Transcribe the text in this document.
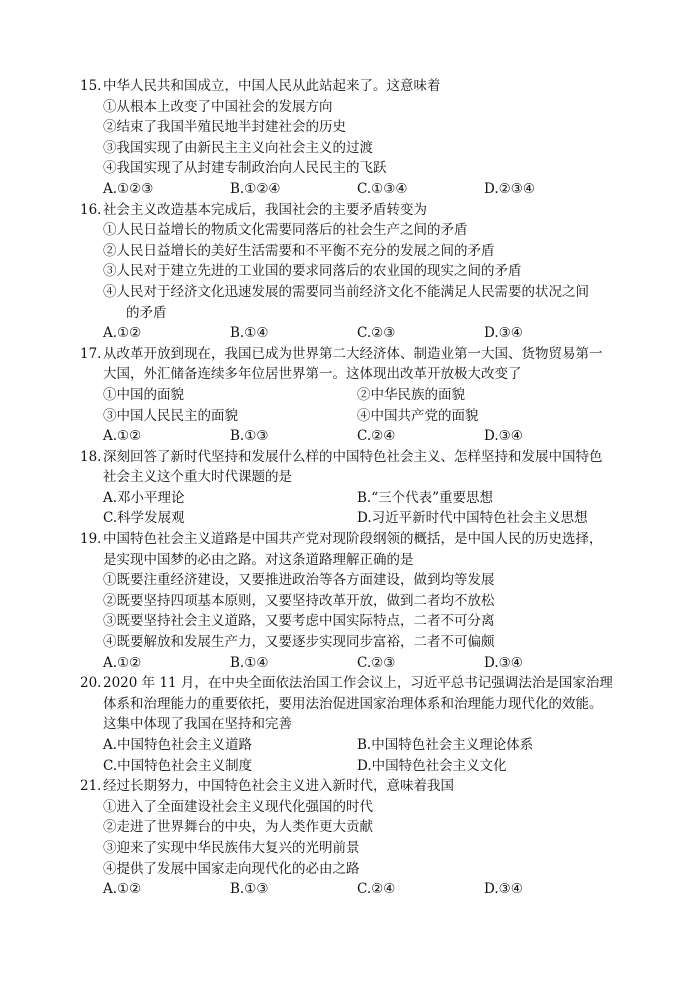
15．
中华人民共和国成立，中国人民从此站起来了。这意味着
①从根本上改变了中国社会的发展方向
②结束了我国半殖民地半封建社会的历史
③我国实现了由新民主主义向社会主义的过渡
④我国实现了从封建专制政治向人民民主的飞跃
A.①②③	B.①②④	C.①③④	D.②③④
16．
社会主义改造基本完成后，我国社会的主要矛盾转变为
①人民日益增长的物质文化需要同落后的社会生产之间的矛盾
②人民日益增长的美好生活需要和不平衡不充分的发展之间的矛盾
③人民对于建立先进的工业国的要求同落后的农业国的现实之间的矛盾
④人民对于经济文化迅速发展的需要同当前经济文化不能满足人民需要的状况之间
的矛盾
A.①②	B.①④	C.②③	D.③④
17．
从改革开放到现在，我国已成为世界第二大经济体、制造业第一大国、货物贸易第一
大国，外汇储备连续多年位居世界第一。这体现出改革开放极大改变了
①中国的面貌	②中华民族的面貌
③中国人民民主的面貌	④中国共产党的面貌
A.①②	B.①③	C.②④	D.③④
18．
深刻回答了新时代坚持和发展什么样的中国特色社会主义、怎样坚持和发展中国特色
社会主义这个重大时代课题的是
A.邓小平理论	B.“三个代表”重要思想
C.科学发展观	D.习近平新时代中国特色社会主义思想
19．
中国特色社会主义道路是中国共产党对现阶段纲领的概括，是中国人民的历史选择，
是实现中国梦的必由之路。对这条道路理解正确的是
①既要注重经济建设，又要推进政治等各方面建设，做到均等发展
②既要坚持四项基本原则，又要坚持改革开放，做到二者均不放松
③既要坚持社会主义道路，又要考虑中国实际特点，二者不可分离
④既要解放和发展生产力，又要逐步实现同步富裕，二者不可偏颇
A.①②	B.①④	C.②③	D.③④
20．
2020 年 11 月，在中央全面依法治国工作会议上，习近平总书记强调法治是国家治理
体系和治理能力的重要依托，要用法治促进国家治理体系和治理能力现代化的效能。
这集中体现了我国在坚持和完善
A.中国特色社会主义道路	B.中国特色社会主义理论体系
C.中国特色社会主义制度	D.中国特色社会主义文化
21．
经过长期努力，中国特色社会主义进入新时代，意味着我国
①进入了全面建设社会主义现代化强国的时代
②走进了世界舞台的中央，为人类作更大贡献
③迎来了实现中华民族伟大复兴的光明前景
④提供了发展中国家走向现代化的必由之路
A.①②	B.①③	C.②④	D.③④
